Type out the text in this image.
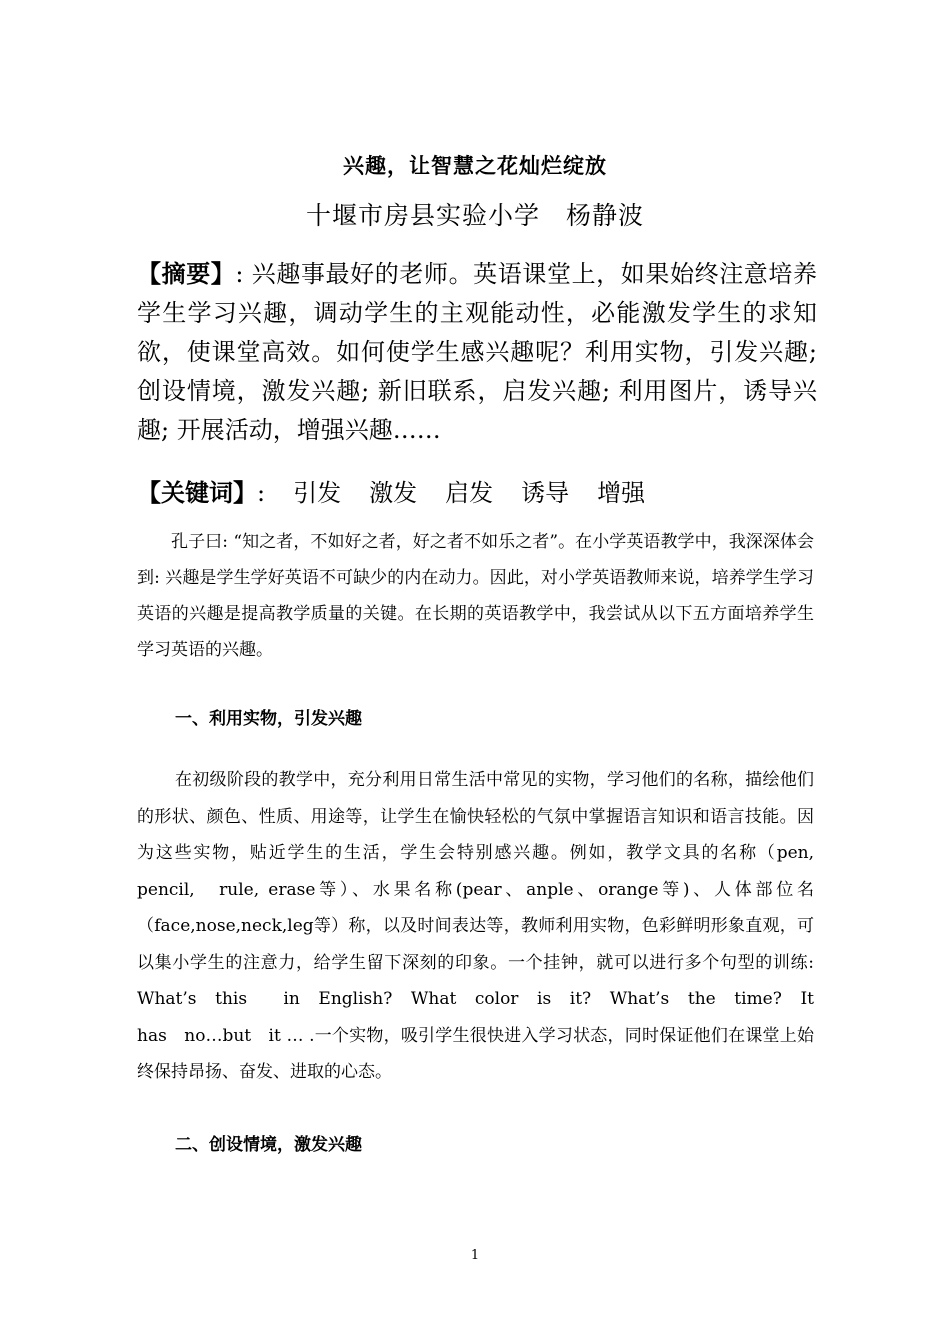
兴趣，让智慧之花灿烂绽放
十堰市房县实验小学　杨静波
【摘要】: 兴趣事最好的老师。英语课堂上，如果始终注意培养学生学习兴趣，调动学生的主观能动性，必能激发学生的求知欲，使课堂高效。如何使学生感兴趣呢？利用实物，引发兴趣;创设情境，激发兴趣; 新旧联系，启发兴趣; 利用图片，诱导兴趣; 开展活动，增强兴趣……
【关键词】: 引发 激发 启发 诱导 增强
孔子曰: “知之者，不如好之者，好之者不如乐之者”。在小学英语教学中，我深深体会到: 兴趣是学生学好英语不可缺少的内在动力。因此，对小学英语教师来说，培养学生学习英语的兴趣是提高教学质量的关键。在长期的英语教学中，我尝试从以下五方面培养学生学习英语的兴趣。
一、利用实物，引发兴趣
在初级阶段的教学中，充分利用日常生活中常见的实物，学习他们的名称，描绘他们的形状、颜色、性质、用途等，让学生在愉快轻松的气氛中掌握语言知识和语言技能。因为这些实物，贴近学生的生活，学生会特别感兴趣。例如，教学文具的名称（pen,　pencil,　rule, erase等）、水果名称(pear、anple、orange等)、人体部位名（face,nose,neck,leg等）称，以及时间表达等，教师利用实物，色彩鲜明形象直观，可以集小学生的注意力，给学生留下深刻的印象。一个挂钟，就可以进行多个句型的训练: What’s　this　　in　English?　What　color　is　it?　What’s　the　time?　It　has　no…but　it … .一个实物，吸引学生很快进入学习状态，同时保证他们在课堂上始终保持昂扬、奋发、进取的心态。
二、创设情境，激发兴趣
1
